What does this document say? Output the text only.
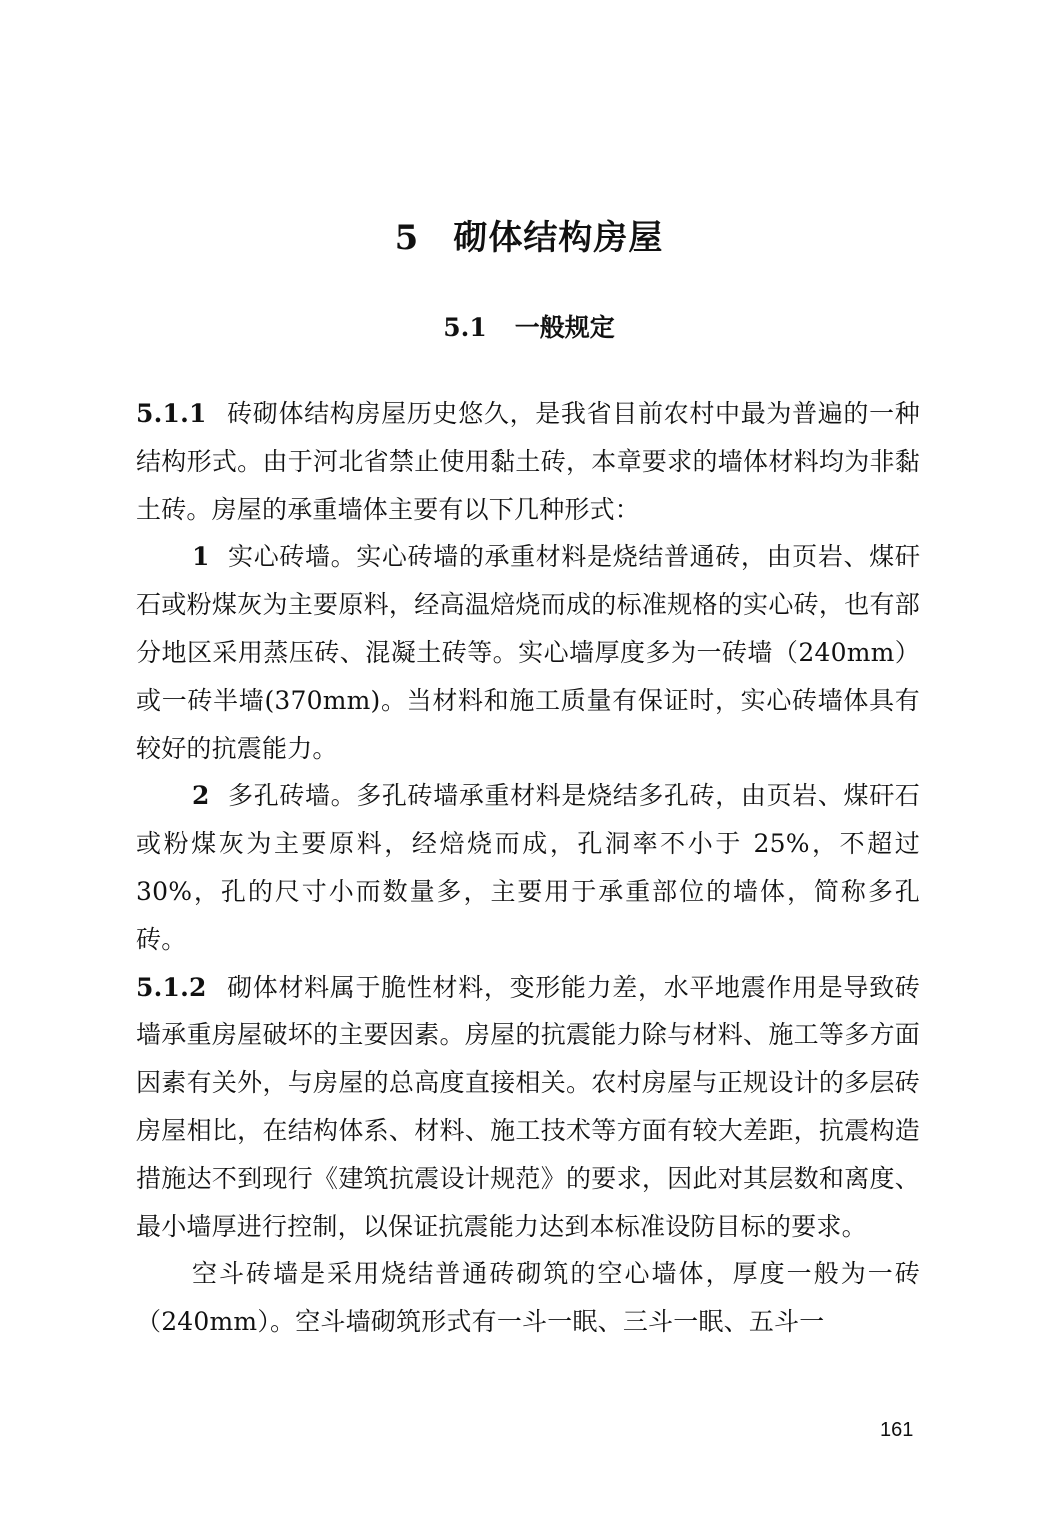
5 砌体结构房屋
5.1 一般规定

5.1.1 砖砌体结构房屋历史悠久，是我省目前农村中最为普遍的一种结构形式。由于河北省禁止使用黏土砖，本章要求的墙体材料均为非黏土砖。房屋的承重墙体主要有以下几种形式：

1 实心砖墙。实心砖墙的承重材料是烧结普通砖，由页岩、煤矸石或粉煤灰为主要原料，经高温焙烧而成的标准规格的实心砖，也有部分地区采用蒸压砖、混凝土砖等。实心墙厚度多为一砖墙（240mm）或一砖半墙(370mm)。当材料和施工质量有保证时，实心砖墙体具有较好的抗震能力。

2 多孔砖墙。多孔砖墙承重材料是烧结多孔砖，由页岩、煤矸石或粉煤灰为主要原料，经焙烧而成，孔洞率不小于 25%，不超过 30%，孔的尺寸小而数量多，主要用于承重部位的墙体，简称多孔砖。

5.1.2 砌体材料属于脆性材料，变形能力差，水平地震作用是导致砖墙承重房屋破坏的主要因素。房屋的抗震能力除与材料、施工等多方面因素有关外，与房屋的总高度直接相关。农村房屋与正规设计的多层砖房屋相比，在结构体系、材料、施工技术等方面有较大差距，抗震构造措施达不到现行《建筑抗震设计规范》的要求，因此对其层数和离度、最小墙厚进行控制，以保证抗震能力达到本标准设防目标的要求。

空斗砖墙是采用烧结普通砖砌筑的空心墙体，厚度一般为一砖（240mm）。空斗墙砌筑形式有一斗一眠、三斗一眠、五斗一

161
